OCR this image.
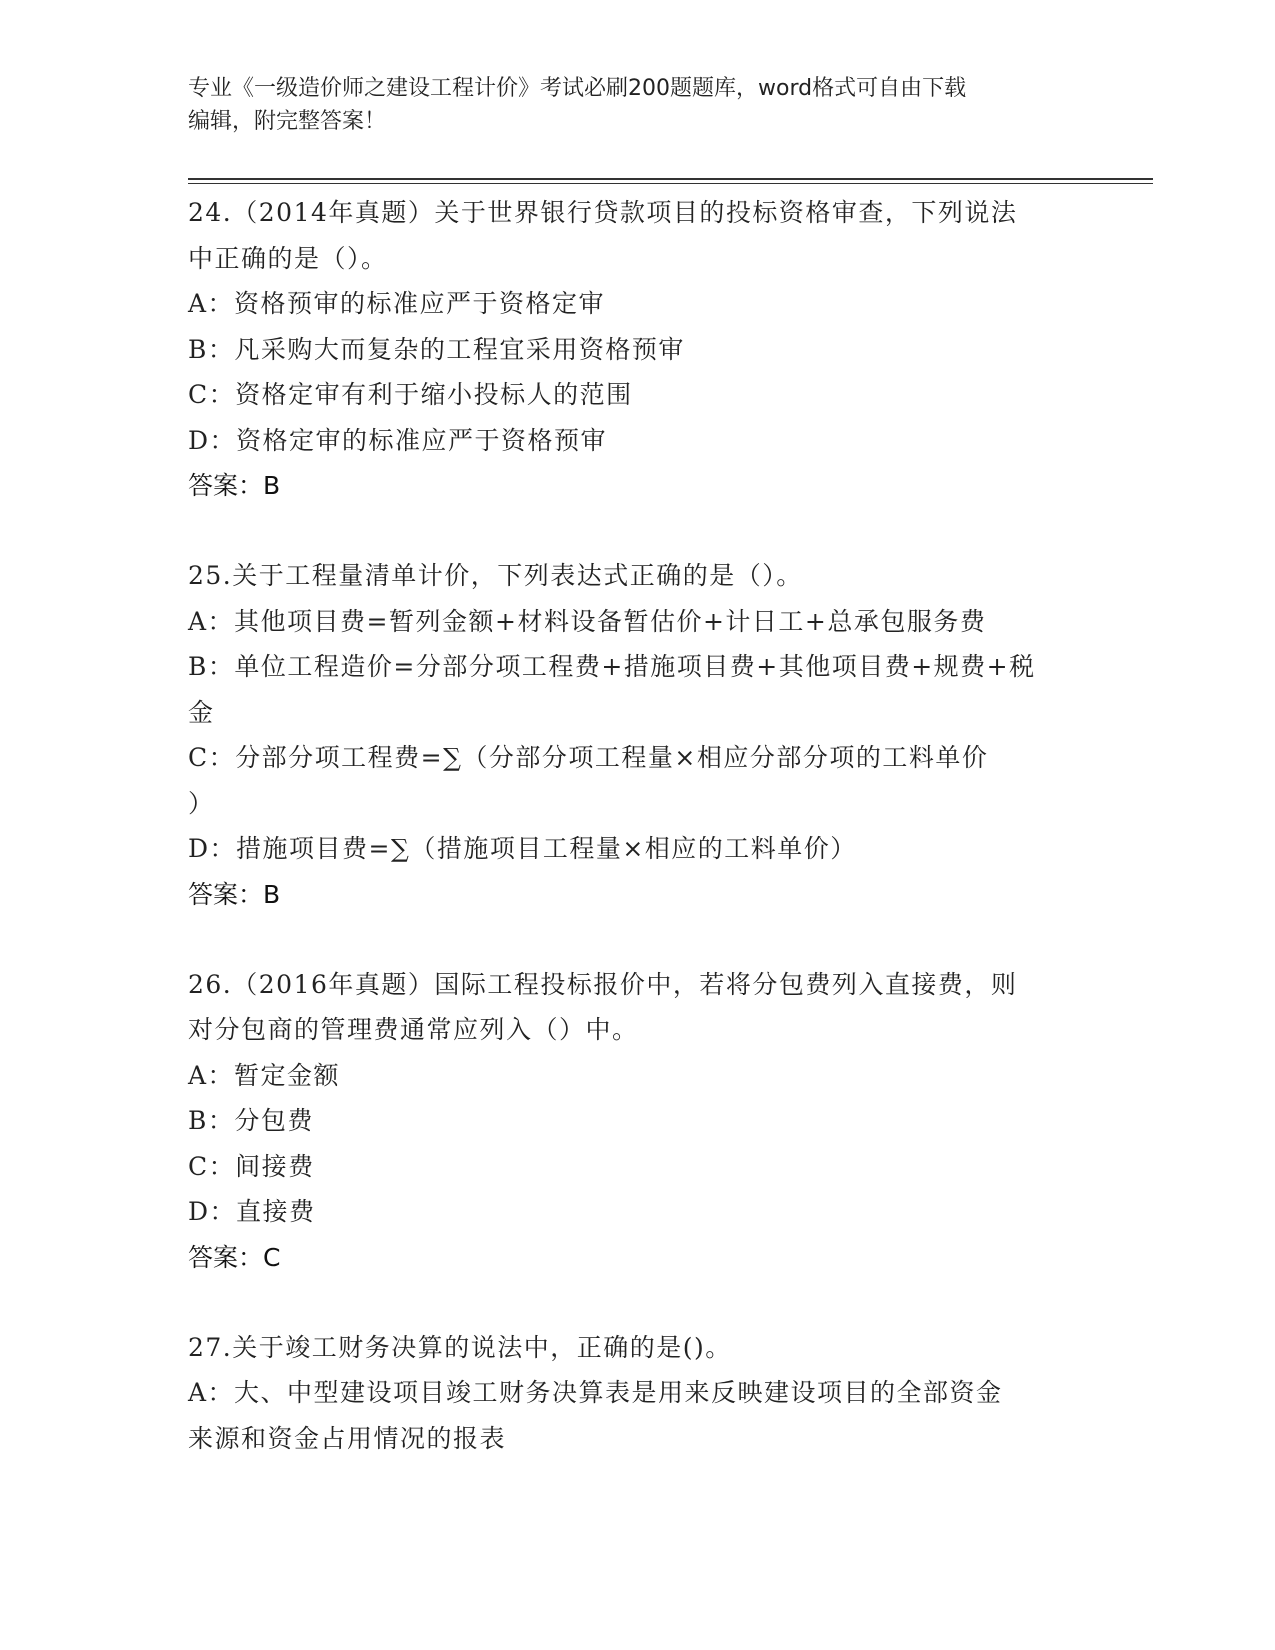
专业《一级造价师之建设工程计价》考试必刷200题题库，word格式可自由下载
编辑，附完整答案！
24.（2014年真题）关于世界银行贷款项目的投标资格审查，下列说法
中正确的是（）。
A：资格预审的标准应严于资格定审
B：凡采购大而复杂的工程宜采用资格预审
C：资格定审有利于缩小投标人的范围
D：资格定审的标准应严于资格预审
答案：B
25.关于工程量清单计价，下列表达式正确的是（）。
A：其他项目费=暂列金额+材料设备暂估价+计日工+总承包服务费
B：单位工程造价=分部分项工程费+措施项目费+其他项目费+规费+税
金
C：分部分项工程费=∑（分部分项工程量×相应分部分项的工料单价
）
D：措施项目费=∑（措施项目工程量×相应的工料单价）
答案：B
26.（2016年真题）国际工程投标报价中，若将分包费列入直接费，则
对分包商的管理费通常应列入（）中。
A：暂定金额
B：分包费
C：间接费
D：直接费
答案：C
27.关于竣工财务决算的说法中，正确的是()。
A：大、中型建设项目竣工财务决算表是用来反映建设项目的全部资金
来源和资金占用情况的报表
